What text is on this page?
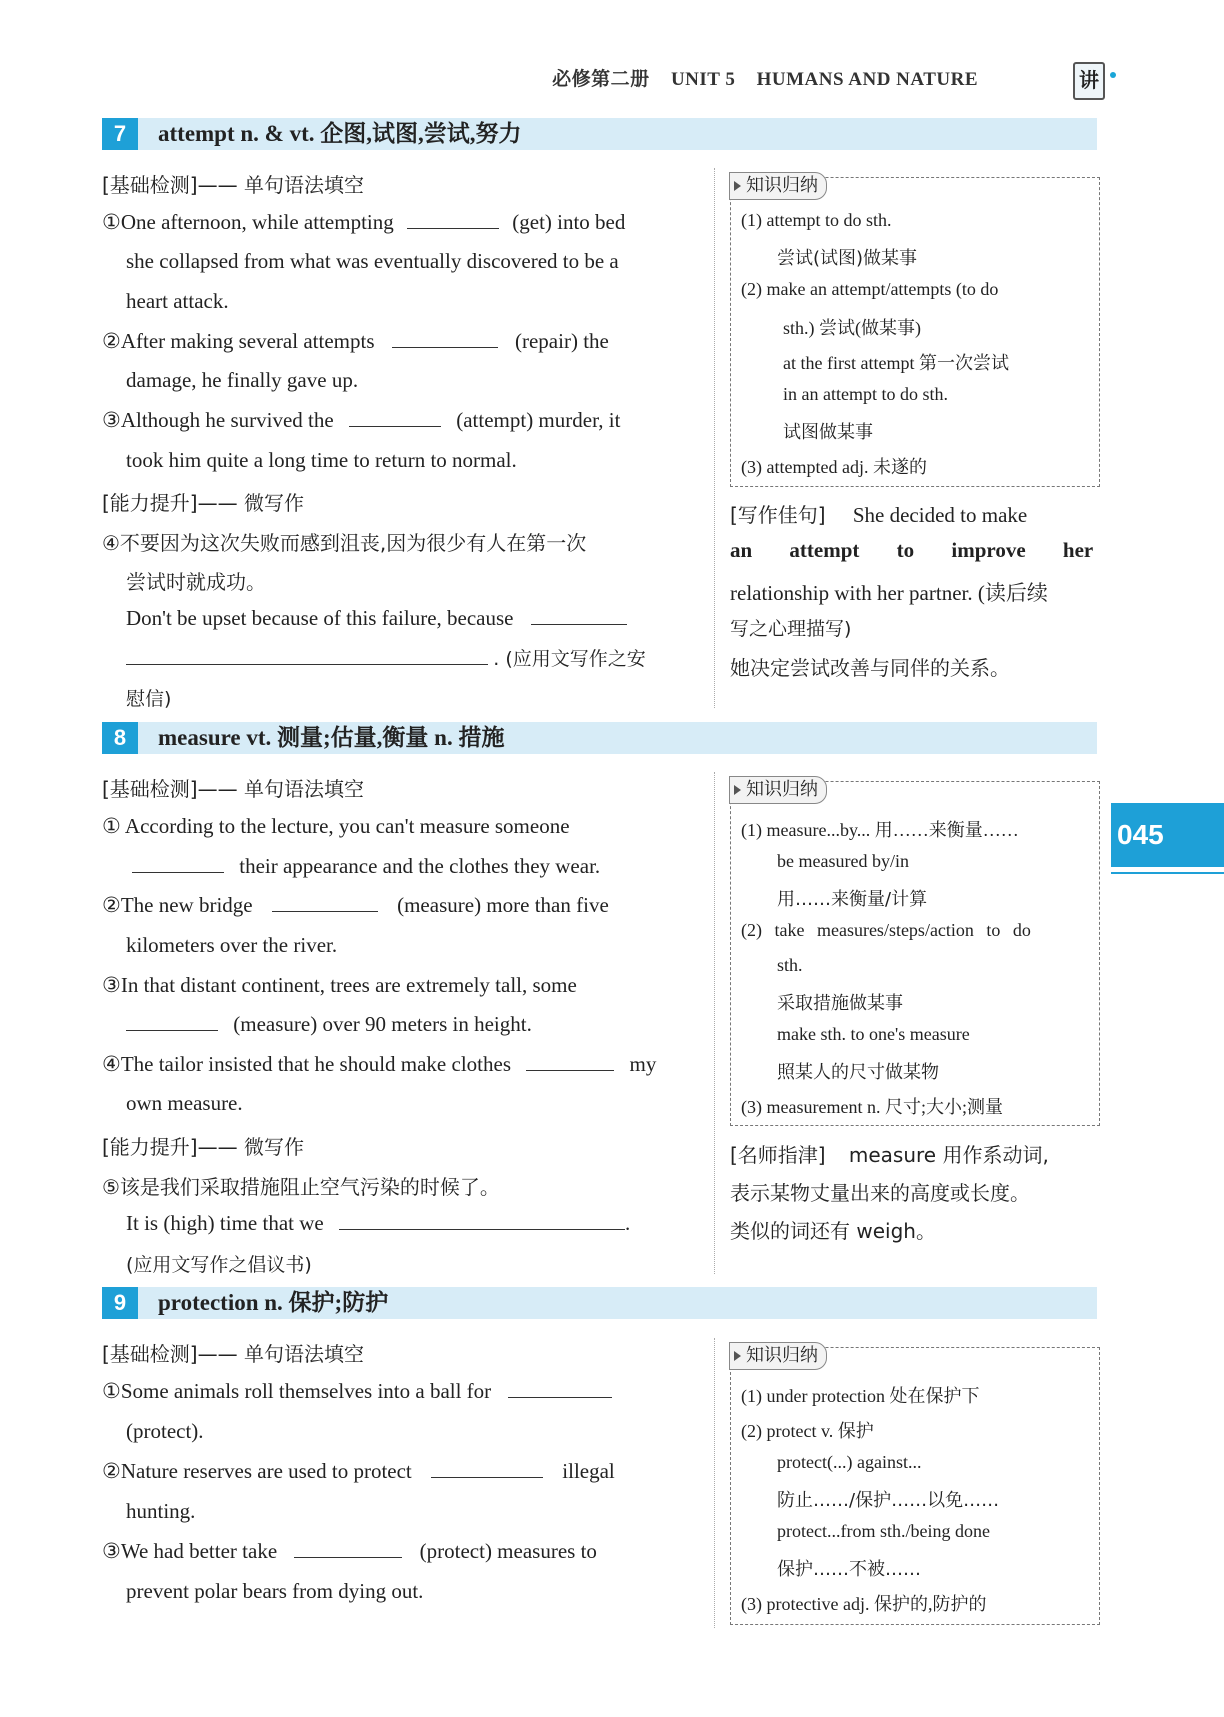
必修第二册 UNIT 5 HUMANS AND NATURE	讲
7	attempt n. & vt. 企图,试图,尝试,努力
[基础检测]—— 单句语法填空
①One afternoon, while attempting	(get) into bed
she collapsed from what was eventually discovered to be a
heart attack.
②After making several attempts	(repair) the
damage, he finally gave up.
③Although he survived the	(attempt) murder, it
took him quite a long time to return to normal.
[能力提升]—— 微写作
④不要因为这次失败而感到沮丧,因为很少有人在第一次
尝试时就成功。
Don't be upset because of this failure, because
. (应用文写作之安
慰信)
知识归纳
(1) attempt to do sth.
尝试(试图)做某事
(2) make an attempt/attempts (to do
sth.) 尝试(做某事)
at the first attempt 第一次尝试
in an attempt to do sth.
试图做某事
(3) attempted adj. 未遂的
[写作佳句] She decided to make
an attempt to improve her
relationship with her partner. (读后续
写之心理描写)
她决定尝试改善与同伴的关系。
8	measure vt. 测量;估量,衡量 n. 措施
[基础检测]—— 单句语法填空
① According to the lecture, you can't measure someone
their appearance and the clothes they wear.
②The new bridge	(measure) more than five
kilometers over the river.
③In that distant continent, trees are extremely tall, some
(measure) over 90 meters in height.
④The tailor insisted that he should make clothes	my
own measure.
[能力提升]—— 微写作
⑤该是我们采取措施阻止空气污染的时候了。
It is (high) time that we	.
(应用文写作之倡议书)
知识归纳
(1) measure...by... 用……来衡量……
be measured by/in
用……来衡量/计算
(2) take measures/steps/action to do
sth.
采取措施做某事
make sth. to one's measure
照某人的尺寸做某物
(3) measurement n. 尺寸;大小;测量
[名师指津] measure 用作系动词,
表示某物丈量出来的高度或长度。
类似的词还有 weigh。
9	protection n. 保护;防护
[基础检测]—— 单句语法填空
①Some animals roll themselves into a ball for
(protect).
②Nature reserves are used to protect	illegal
hunting.
③We had better take	(protect) measures to
prevent polar bears from dying out.
知识归纳
(1) under protection 处在保护下
(2) protect v. 保护
protect(...) against...
防止……/保护……以免……
protect...from sth./being done
保护……不被……
(3) protective adj. 保护的,防护的
045
